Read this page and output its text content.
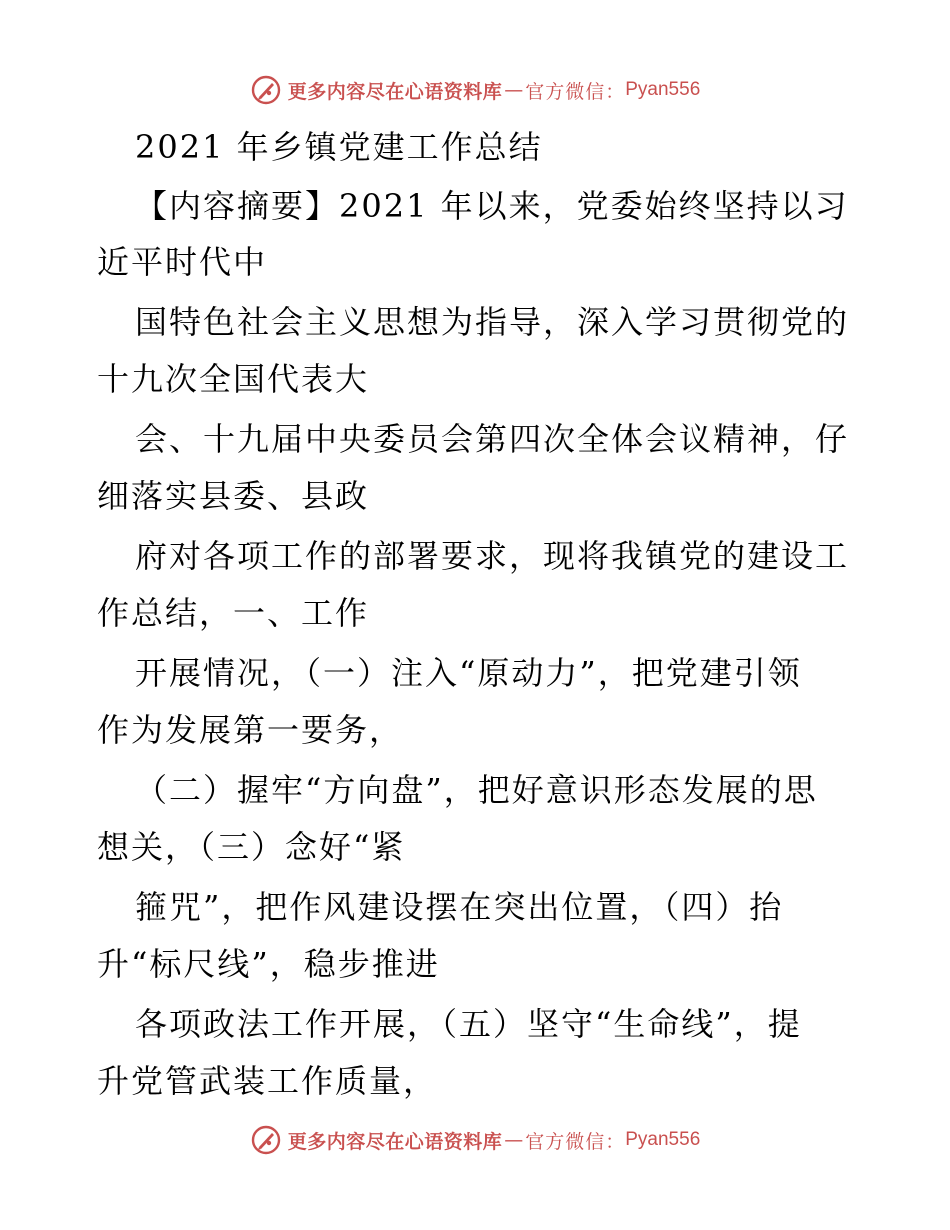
更多内容尽在心语资料库 — 官方微信： Pyan556
2021 年乡镇党建工作总结
【内容摘要】2021 年以来，党委始终坚持以习
近平时代中
国特色社会主义思想为指导，深入学习贯彻党的
十九次全国代表大
会、十九届中央委员会第四次全体会议精神，仔
细落实县委、县政
府对各项工作的部署要求，现将我镇党的建设工
作总结，一、工作
开展情况，（一）注入“原动力”，把党建引领
作为发展第一要务，
（二）握牢“方向盘”，把好意识形态发展的思
想关，（三）念好“紧
箍咒”，把作风建设摆在突出位置，（四）抬
升“标尺线”，稳步推进
各项政法工作开展，（五）坚守“生命线”，提
升党管武装工作质量，
更多内容尽在心语资料库 — 官方微信： Pyan556
